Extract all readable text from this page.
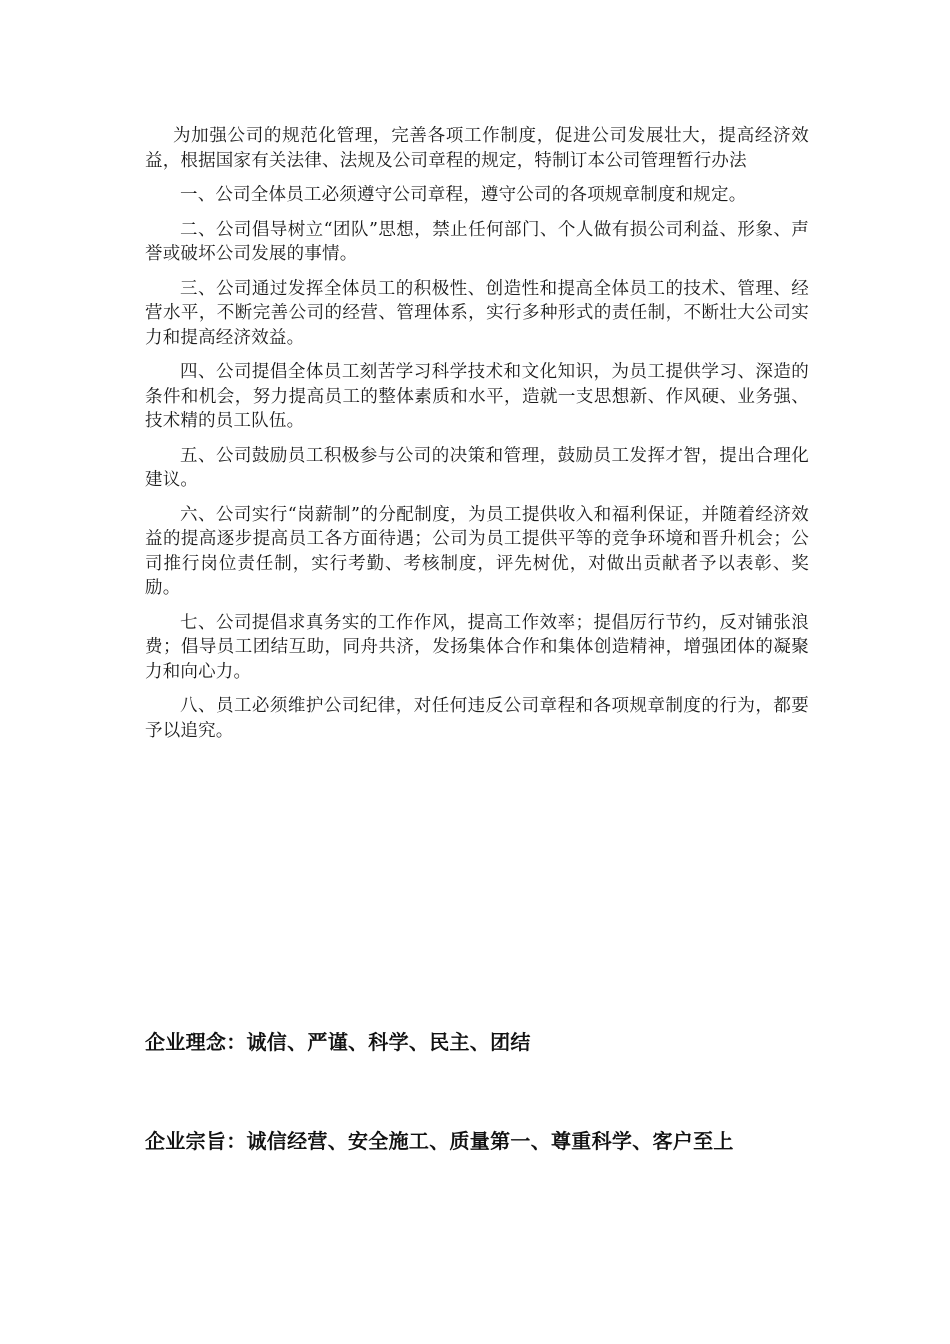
为加强公司的规范化管理，完善各项工作制度，促进公司发展壮大，提高经济效益，根据国家有关法律、法规及公司章程的规定，特制订本公司管理暂行办法

一、公司全体员工必须遵守公司章程，遵守公司的各项规章制度和规定。

二、公司倡导树立“团队”思想，禁止任何部门、个人做有损公司利益、形象、声誉或破坏公司发展的事情。

三、公司通过发挥全体员工的积极性、创造性和提高全体员工的技术、管理、经营水平，不断完善公司的经营、管理体系，实行多种形式的责任制，不断壮大公司实力和提高经济效益。

四、公司提倡全体员工刻苦学习科学技术和文化知识，为员工提供学习、深造的条件和机会，努力提高员工的整体素质和水平，造就一支思想新、作风硬、业务强、技术精的员工队伍。

五、公司鼓励员工积极参与公司的决策和管理，鼓励员工发挥才智，提出合理化建议。

六、公司实行“岗薪制”的分配制度，为员工提供收入和福利保证，并随着经济效益的提高逐步提高员工各方面待遇；公司为员工提供平等的竞争环境和晋升机会；公司推行岗位责任制，实行考勤、考核制度，评先树优，对做出贡献者予以表彰、奖励。

七、公司提倡求真务实的工作作风，提高工作效率；提倡厉行节约，反对铺张浪费；倡导员工团结互助，同舟共济，发扬集体合作和集体创造精神，增强团体的凝聚力和向心力。

八、员工必须维护公司纪律，对任何违反公司章程和各项规章制度的行为，都要予以追究。

企业理念：诚信、严谨、科学、民主、团结

企业宗旨：诚信经营、安全施工、质量第一、尊重科学、客户至上
